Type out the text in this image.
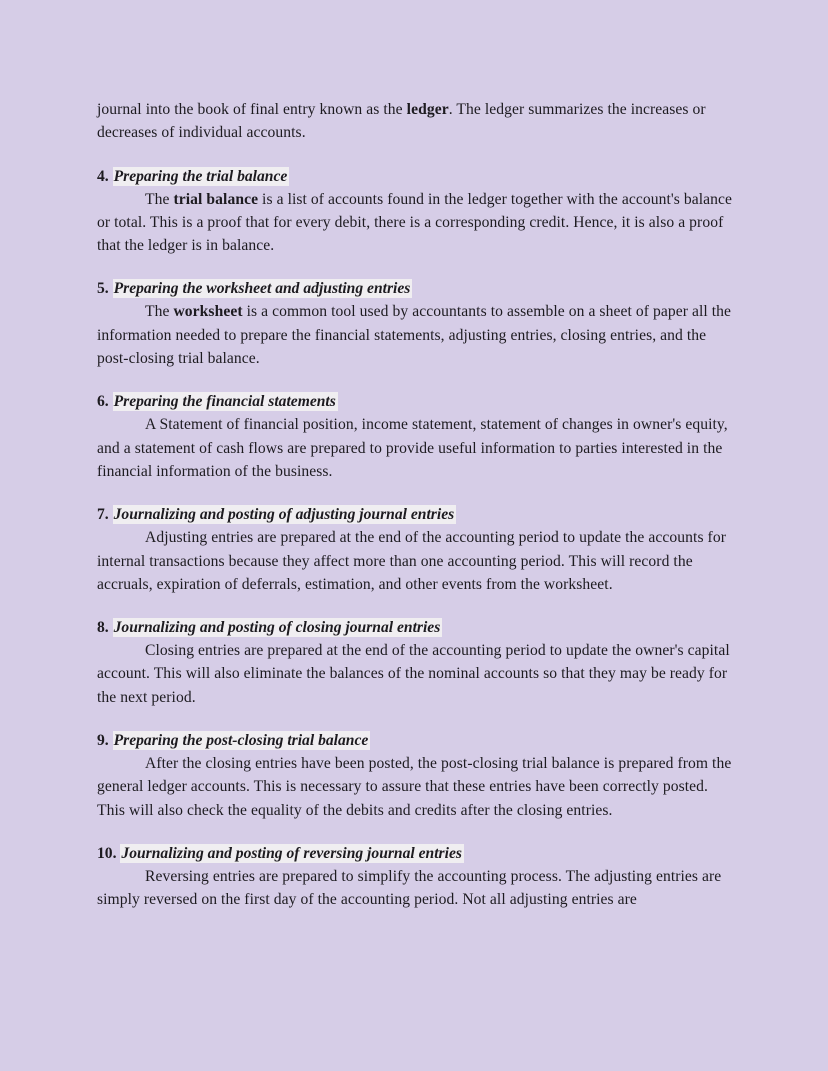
journal into the book of final entry known as the ledger. The ledger summarizes the increases or decreases of individual accounts.

4. Preparing the trial balance

The trial balance is a list of accounts found in the ledger together with the account's balance or total. This is a proof that for every debit, there is a corresponding credit. Hence, it is also a proof that the ledger is in balance.

5. Preparing the worksheet and adjusting entries

The worksheet is a common tool used by accountants to assemble on a sheet of paper all the information needed to prepare the financial statements, adjusting entries, closing entries, and the post-closing trial balance.

6. Preparing the financial statements

A Statement of financial position, income statement, statement of changes in owner's equity, and a statement of cash flows are prepared to provide useful information to parties interested in the financial information of the business.

7. Journalizing and posting of adjusting journal entries

Adjusting entries are prepared at the end of the accounting period to update the accounts for internal transactions because they affect more than one accounting period. This will record the accruals, expiration of deferrals, estimation, and other events from the worksheet.

8. Journalizing and posting of closing journal entries

Closing entries are prepared at the end of the accounting period to update the owner's capital account. This will also eliminate the balances of the nominal accounts so that they may be ready for the next period.

9. Preparing the post-closing trial balance

After the closing entries have been posted, the post-closing trial balance is prepared from the general ledger accounts. This is necessary to assure that these entries have been correctly posted. This will also check the equality of the debits and credits after the closing entries.

10. Journalizing and posting of reversing journal entries

Reversing entries are prepared to simplify the accounting process. The adjusting entries are simply reversed on the first day of the accounting period. Not all adjusting entries are
